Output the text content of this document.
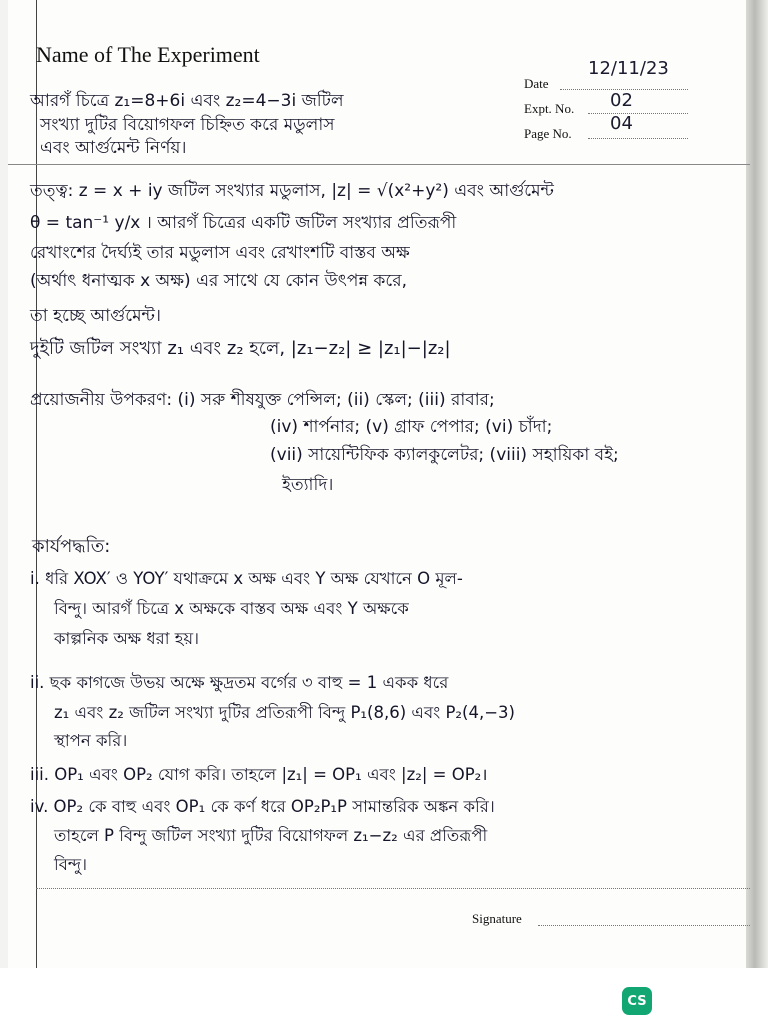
Name of The Experiment
Date
12/11/23
Expt. No. 02
Page No. 04
আরগঁ চিত্রে z₁=8+6i এবং z₂=4−3i জটিল
সংখ্যা দুটির বিয়োগফল চিহ্নিত করে মডুলাস
এবং আর্গুমেন্ট নির্ণয়।
তত্ত্ব: z = x + iy জটিল সংখ্যার মডুলাস, |z| = √(x²+y²) এবং আর্গুমেন্ট
θ = tan⁻¹ y/x । আরগঁ চিত্রের একটি জটিল সংখ্যার প্রতিরূপী
রেখাংশের দৈর্ঘ্যই তার মডুলাস এবং রেখাংশটি বাস্তব অক্ষ
(অর্থাৎ ধনাত্মক x অক্ষ) এর সাথে যে কোন উৎপন্ন করে,
তা হচ্ছে আর্গুমেন্ট।
দুইটি জটিল সংখ্যা z₁ এবং z₂ হলে, |z₁−z₂| ≥ |z₁|−|z₂|
প্রয়োজনীয় উপকরণ: (i) সরু শীষযুক্ত পেন্সিল; (ii) স্কেল; (iii) রাবার;
(iv) শার্পনার; (v) গ্রাফ পেপার; (vi) চাঁদা;
(vii) সায়েন্টিফিক ক্যালকুলেটর; (viii) সহায়িকা বই;
ইত্যাদি।
কার্যপদ্ধতি:
i. ধরি XOX′ ও YOY′ যথাক্রমে x অক্ষ এবং Y অক্ষ যেখানে O মূল-
বিন্দু। আরগঁ চিত্রে x অক্ষকে বাস্তব অক্ষ এবং Y অক্ষকে
কাল্পনিক অক্ষ ধরা হয়।
ii. ছক কাগজে উভয় অক্ষে ক্ষুদ্রতম বর্গের ৩ বাহু = 1 একক ধরে
z₁ এবং z₂ জটিল সংখ্যা দুটির প্রতিরূপী বিন্দু P₁(8,6) এবং P₂(4,−3)
স্থাপন করি।
iii. OP₁ এবং OP₂ যোগ করি। তাহলে |z₁| = OP₁ এবং |z₂| = OP₂।
iv. OP₂ কে বাহু এবং OP₁ কে কর্ণ ধরে OP₂P₁P সামান্তরিক অঙ্কন করি।
তাহলে P বিন্দু জটিল সংখ্যা দুটির বিয়োগফল z₁−z₂ এর প্রতিরূপী
বিন্দু।
Signature
CS
